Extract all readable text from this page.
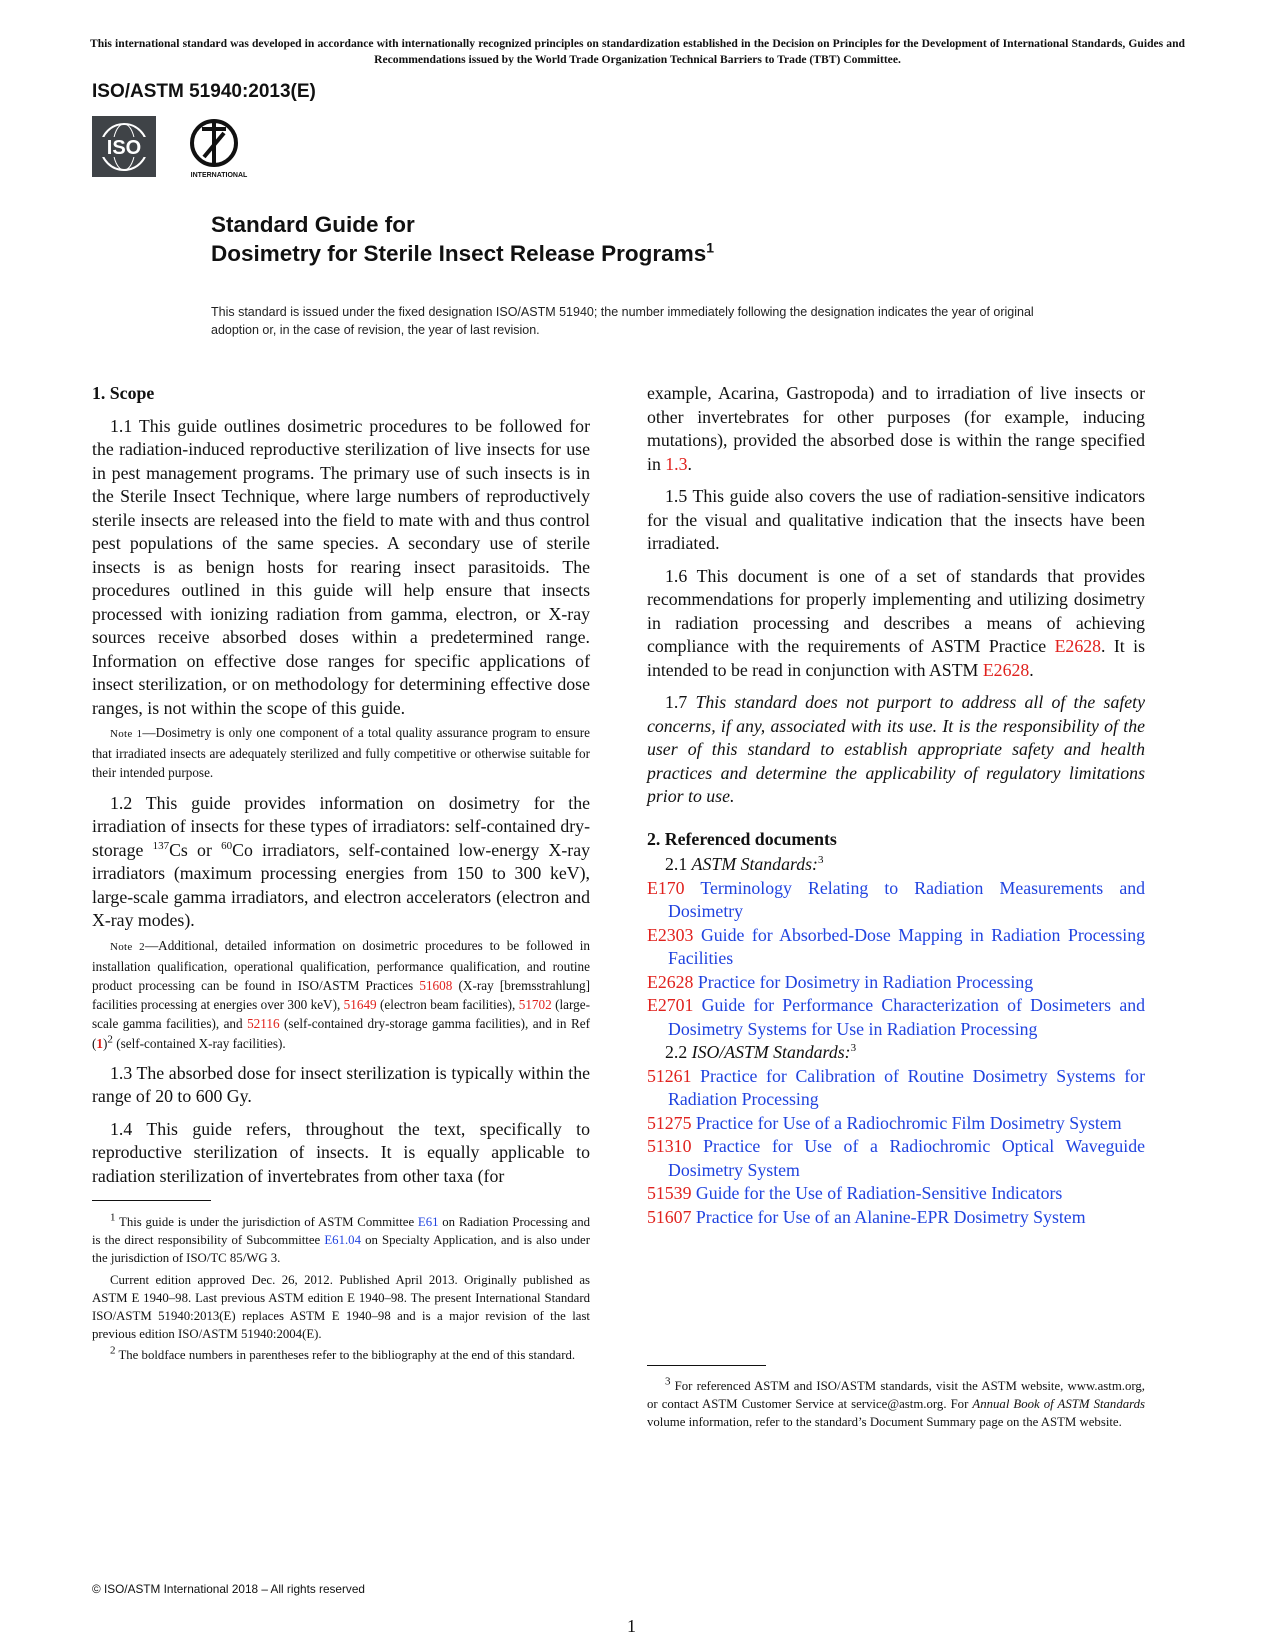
This international standard was developed in accordance with internationally recognized principles on standardization established in the Decision on Principles for the Development of International Standards, Guides and Recommendations issued by the World Trade Organization Technical Barriers to Trade (TBT) Committee.
ISO/ASTM 51940:2013(E)
ISO
INTERNATIONAL
Standard Guide for
Dosimetry for Sterile Insect Release Programs$^1$
This standard is issued under the fixed designation ISO/ASTM 51940; the number immediately following the designation indicates the year of original adoption or, in the case of revision, the year of last revision.
1. Scope

1.1 This guide outlines dosimetric procedures to be followed for the radiation-induced reproductive sterilization of live insects for use in pest management programs. The primary use of such insects is in the Sterile Insect Technique, where large numbers of reproductively sterile insects are released into the field to mate with and thus control pest populations of the same species. A secondary use of sterile insects is as benign hosts for rearing insect parasitoids. The procedures outlined in this guide will help ensure that insects processed with ionizing radiation from gamma, electron, or X-ray sources receive absorbed doses within a predetermined range. Information on effective dose ranges for specific applications of insect sterilization, or on methodology for determining effective dose ranges, is not within the scope of this guide.

Note 1—Dosimetry is only one component of a total quality assurance program to ensure that irradiated insects are adequately sterilized and fully competitive or otherwise suitable for their intended purpose.

1.2 This guide provides information on dosimetry for the irradiation of insects for these types of irradiators: self-contained dry-storage $^{137}$Cs or $^{60}$Co irradiators, self-contained low-energy X-ray irradiators (maximum processing energies from 150 to 300 keV), large-scale gamma irradiators, and electron accelerators (electron and X-ray modes).

Note 2—Additional, detailed information on dosimetric procedures to be followed in installation qualification, operational qualification, performance qualification, and routine product processing can be found in ISO/ASTM Practices 51608 (X-ray [bremsstrahlung] facilities processing at energies over 300 keV), 51649 (electron beam facilities), 51702 (large-scale gamma facilities), and 52116 (self-contained dry-storage gamma facilities), and in Ref $(1)^2$ (self-contained X-ray facilities).

1.3 The absorbed dose for insect sterilization is typically within the range of 20 to 600 Gy.

1.4 This guide refers, throughout the text, specifically to reproductive sterilization of insects. It is equally applicable to radiation sterilization of invertebrates from other taxa (for

$^1$ This guide is under the jurisdiction of ASTM Committee E61 on Radiation Processing and is the direct responsibility of Subcommittee E61.04 on Specialty Application, and is also under the jurisdiction of ISO/TC 85/WG 3.

Current edition approved Dec. 26, 2012. Published April 2013. Originally published as ASTM E 1940–98. Last previous ASTM edition E 1940–98. The present International Standard ISO/ASTM 51940:2013(E) replaces ASTM E 1940–98 and is a major revision of the last previous edition ISO/ASTM 51940:2004(E).

$^2$ The boldface numbers in parentheses refer to the bibliography at the end of this standard.

example, Acarina, Gastropoda) and to irradiation of live insects or other invertebrates for other purposes (for example, inducing mutations), provided the absorbed dose is within the range specified in 1.3.

1.5 This guide also covers the use of radiation-sensitive indicators for the visual and qualitative indication that the insects have been irradiated.

1.6 This document is one of a set of standards that provides recommendations for properly implementing and utilizing dosimetry in radiation processing and describes a means of achieving compliance with the requirements of ASTM Practice E2628. It is intended to be read in conjunction with ASTM E2628.

1.7 This standard does not purport to address all of the safety concerns, if any, associated with its use. It is the responsibility of the user of this standard to establish appropriate safety and health practices and determine the applicability of regulatory limitations prior to use.

2. Referenced documents

2.1 ASTM Standards:$^3$

E170 Terminology Relating to Radiation Measurements and Dosimetry

E2303 Guide for Absorbed-Dose Mapping in Radiation Processing Facilities

E2628 Practice for Dosimetry in Radiation Processing

E2701 Guide for Performance Characterization of Dosimeters and Dosimetry Systems for Use in Radiation Processing

2.2 ISO/ASTM Standards:$^3$

51261 Practice for Calibration of Routine Dosimetry Systems for Radiation Processing

51275 Practice for Use of a Radiochromic Film Dosimetry System

51310 Practice for Use of a Radiochromic Optical Waveguide Dosimetry System

51539 Guide for the Use of Radiation-Sensitive Indicators

51607 Practice for Use of an Alanine-EPR Dosimetry System

$^3$ For referenced ASTM and ISO/ASTM standards, visit the ASTM website, www.astm.org, or contact ASTM Customer Service at service@astm.org. For Annual Book of ASTM Standards volume information, refer to the standard’s Document Summary page on the ASTM website.

© ISO/ASTM International 2018 – All rights reserved
1
